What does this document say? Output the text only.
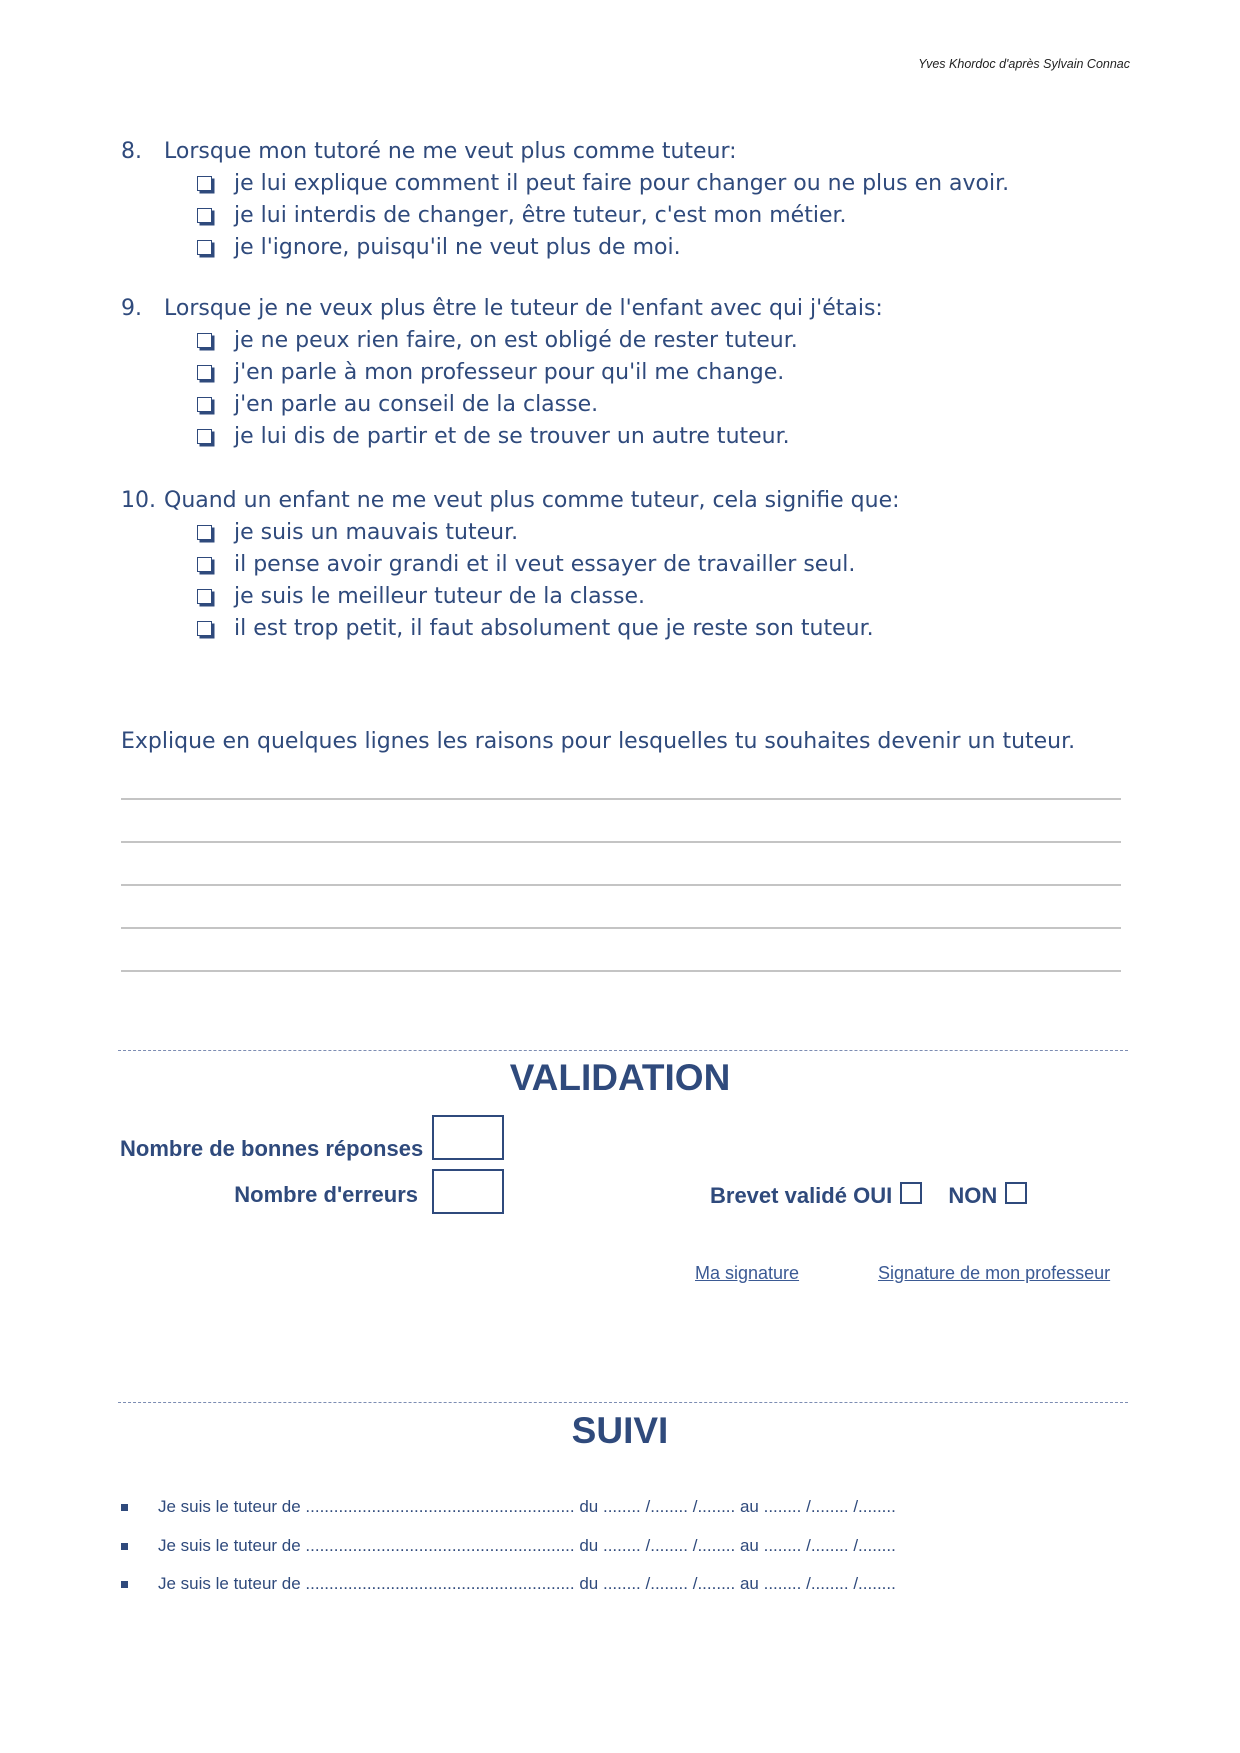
Yves Khordoc d'après Sylvain Connac

8. Lorsque mon tutoré ne me veut plus comme tuteur:

je lui explique comment il peut faire pour changer ou ne plus en avoir.
je lui interdis de changer, être tuteur, c'est mon métier.
je l'ignore, puisqu'il ne veut plus de moi.

9. Lorsque je ne veux plus être le tuteur de l'enfant avec qui j'étais:

je ne peux rien faire, on est obligé de rester tuteur.
j'en parle à mon professeur pour qu'il me change.
j'en parle au conseil de la classe.
je lui dis de partir et de se trouver un autre tuteur.

10. Quand un enfant ne me veut plus comme tuteur, cela signifie que:

je suis un mauvais tuteur.
il pense avoir grandi et il veut essayer de travailler seul.
je suis le meilleur tuteur de la classe.
il est trop petit, il faut absolument que je reste son tuteur.
Explique en quelques lignes les raisons pour lesquelles tu souhaites devenir un tuteur.
VALIDATION
Nombre de bonnes réponses
Nombre d'erreurs	Brevet validé OUI	NON
Ma signature	Signature de mon professeur
SUIVI
Je suis le tuteur de ......................................................... du ........ /........ /........ au ........ /........ /........
Je suis le tuteur de ......................................................... du ........ /........ /........ au ........ /........ /........
Je suis le tuteur de ......................................................... du ........ /........ /........ au ........ /........ /........
